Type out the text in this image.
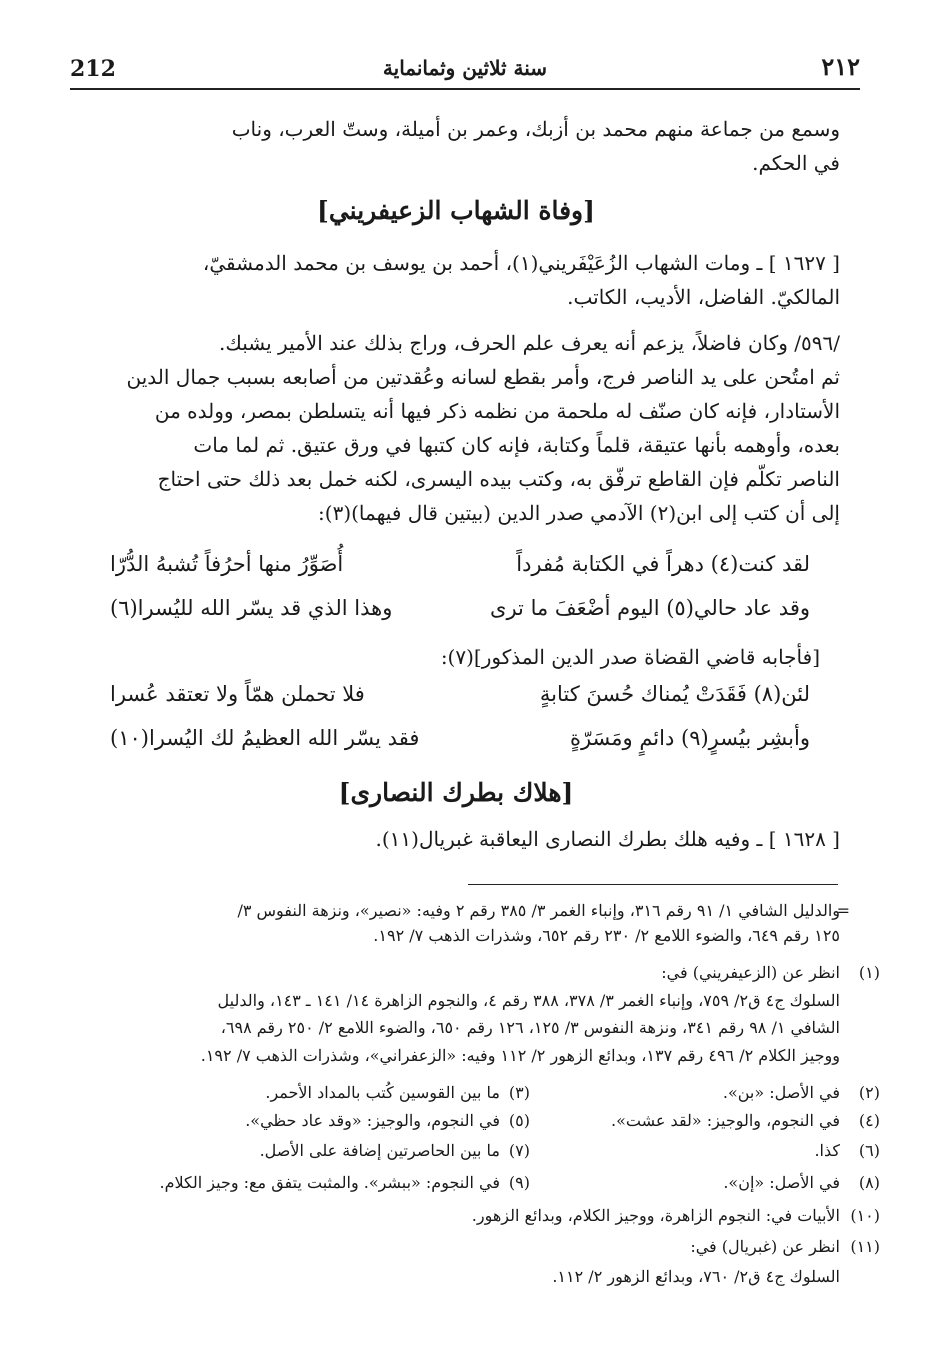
212	سنة ثلاثين وثمانماية	٢١٢
وسمع من جماعة منهم محمد بن أزبك، وعمر بن أميلة، وستّ العرب، وناب
في الحكم.
[وفاة الشهاب الزعيفريني]
[ ١٦٢٧ ] ـ ومات الشهاب الزُعَيْفَريني(١)، أحمد بن يوسف بن محمد الدمشقيّ،
المالكيّ. الفاضل، الأديب، الكاتب.
/٥٩٦/ وكان فاضلاً، يزعم أنه يعرف علم الحرف، وراج بذلك عند الأمير يشبك.
ثم امتُحن على يد الناصر فرج، وأمر بقطع لسانه وعُقدتين من أصابعه بسبب جمال الدين
الأستادار، فإنه كان صنّف له ملحمة من نظمه ذكر فيها أنه يتسلطن بمصر، وولده من
بعده، وأوهمه بأنها عتيقة، قلماً وكتابة، فإنه كان كتبها في ورق عتيق. ثم لما مات
الناصر تكلّم فإن القاطع ترفّق به، وكتب بيده اليسرى، لكنه خمل بعد ذلك حتى احتاج
إلى أن كتب إلى ابن(٢) الآدمي صدر الدين (بيتين قال فيهما)(٣):
لقد كنت(٤) دهراً في الكتابة مُفرداً
أُصَوِّرُ منها أحرُفاً تُشبهُ الدُّرّا
وقد عاد حالي(٥) اليوم أضْعَفَ ما ترى
وهذا الذي قد يسّر الله لليُسرا(٦)
[فأجابه قاضي القضاة صدر الدين المذكور](٧):
لئن(٨) فَقَدَتْ يُمناك حُسنَ كتابةٍ
فلا تحملن همّاً ولا تعتقد عُسرا
وأبشِر بيُسرٍ(٩) دائمٍ ومَسَرّةٍ
فقد يسّر الله العظيمُ لك اليُسرا(١٠)
[هلاك بطرك النصارى]
[ ١٦٢٨ ] ـ وفيه هلك بطرك النصارى اليعاقبة غبريال(١١).
والدليل الشافي ١/ ٩١ رقم ٣١٦، وإنباء الغمر ٣/ ٣٨٥ رقم ٢ وفيه: «نصير»، ونزهة النفوس ٣/
=
١٢٥ رقم ٦٤٩، والضوء اللامع ٢/ ٢٣٠ رقم ٦٥٢، وشذرات الذهب ٧/ ١٩٢.
انظر عن (الزعيفريني) في: (١)
السلوك ج٤ ق٢/ ٧٥٩، وإنباء الغمر ٣/ ٣٧٨، ٣٨٨ رقم ٤، والنجوم الزاهرة ١٤/ ١٤١ ـ ١٤٣، والدليل
الشافي ١/ ٩٨ رقم ٣٤١، ونزهة النفوس ٣/ ١٢٥، ١٢٦ رقم ٦٥٠، والضوء اللامع ٢/ ٢٥٠ رقم ٦٩٨،
ووجيز الكلام ٢/ ٤٩٦ رقم ١٣٧، وبدائع الزهور ٢/ ١١٢ وفيه: «الزعفراني»، وشذرات الذهب ٧/ ١٩٢.
في الأصل: «بن». (٢)
ما بين القوسين كُتب بالمداد الأحمر. (٣)
في النجوم، والوجيز: «لقد عشت». (٤)
في النجوم، والوجيز: «وقد عاد حظي». (٥)
كذا. (٦)
ما بين الحاصرتين إضافة على الأصل. (٧)
في الأصل: «إن». (٨)
في النجوم: «ببشر». والمثبت يتفق مع: وجيز الكلام. (٩)
الأبيات في: النجوم الزاهرة، ووجيز الكلام، وبدائع الزهور. (١٠)
انظر عن (غبريال) في: (١١)
السلوك ج٤ ق٢/ ٧٦٠، وبدائع الزهور ٢/ ١١٢.
